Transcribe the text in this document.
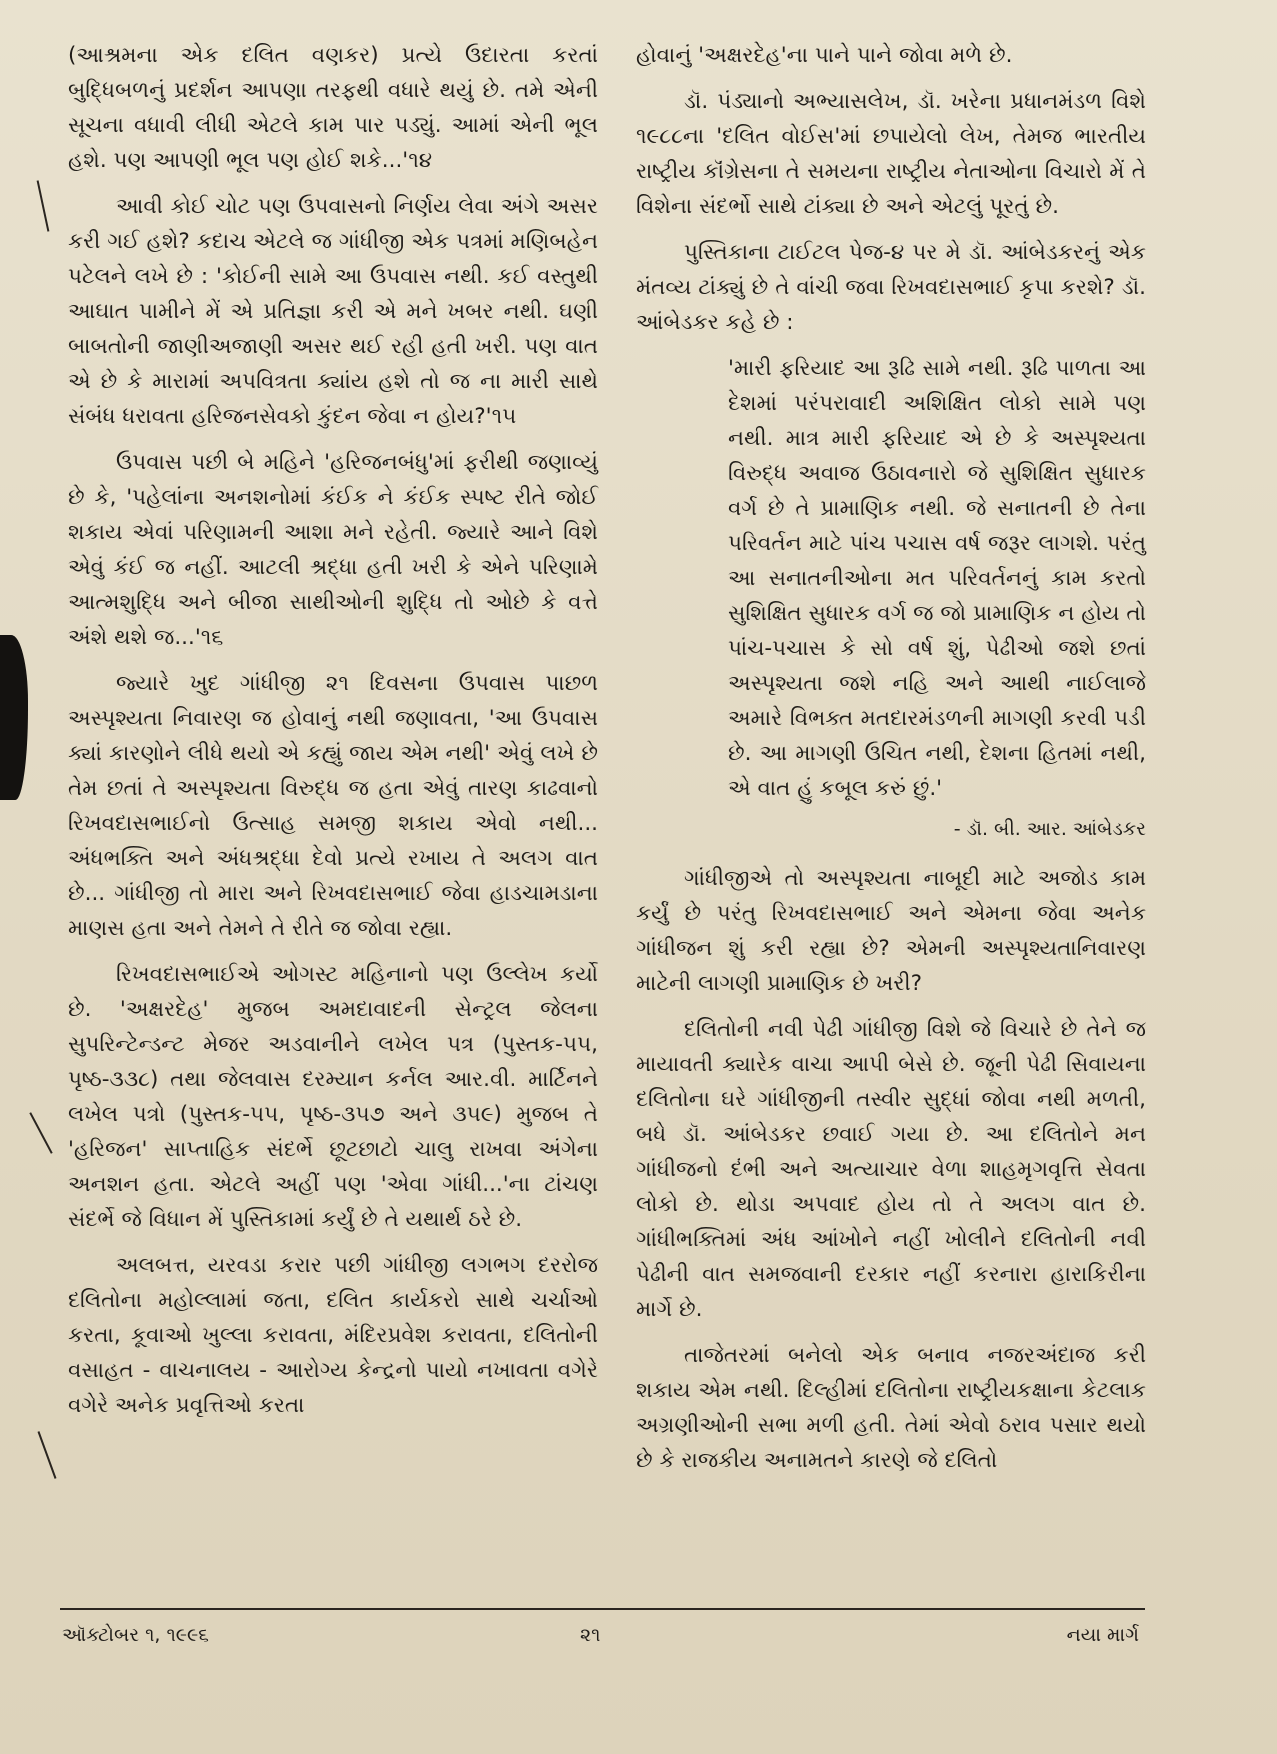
(આશ્રમના એક દલિત વણકર) પ્રત્યે ઉદારતા કરતાં બુદ્ધિબળનું પ્રદર્શન આપણા તરફથી વધારે થયું છે. તમે એની સૂચના વધાવી લીધી એટલે કામ પાર પડ્યું. આમાં એની ભૂલ હશે. પણ આપણી ભૂલ પણ હોઈ શકે...'૧૪

આવી કોઈ ચોટ પણ ઉપવાસનો નિર્ણય લેવા અંગે અસર કરી ગઈ હશે? કદાચ એટલે જ ગાંધીજી એક પત્રમાં મણિબહેન પટેલને લખે છે : 'કોઈની સામે આ ઉપવાસ નથી. કઈ વસ્તુથી આઘાત પામીને મેં એ પ્રતિજ્ઞા કરી એ મને ખબર નથી. ઘણી બાબતોની જાણીઅજાણી અસર થઈ રહી હતી ખરી. પણ વાત એ છે કે મારામાં અપવિત્રતા ક્યાંય હશે તો જ ના મારી સાથે સંબંધ ધરાવતા હરિજનસેવકો કુંદન જેવા ન હોય?'૧૫

ઉપવાસ પછી બે મહિને 'હરિજનબંધુ'માં ફરીથી જણાવ્યું છે કે, 'પહેલાંના અનશનોમાં કંઈક ને કંઈક સ્પષ્ટ રીતે જોઈ શકાય એવાં પરિણામની આશા મને રહેતી. જ્યારે આને વિશે એવું કંઈ જ નહીં. આટલી શ્રદ્ધા હતી ખરી કે એને પરિણામે આત્મશુદ્ધિ અને બીજા સાથીઓની શુદ્ધિ તો ઓછે કે વત્તે અંશે થશે જ...'૧૬

જ્યારે ખુદ ગાંધીજી ૨૧ દિવસના ઉપવાસ પાછળ અસ્પૃશ્યતા નિવારણ જ હોવાનું નથી જણાવતા, 'આ ઉપવાસ ક્યાં કારણોને લીધે થયો એ કહ્યું જાય એમ નથી' એવું લખે છે તેમ છતાં તે અસ્પૃશ્યતા વિરુદ્ધ જ હતા એવું તારણ કાઢવાનો રિખવદાસભાઈનો ઉત્સાહ સમજી શકાય એવો નથી... અંધભક્તિ અને અંધશ્રદ્ધા દેવો પ્રત્યે રખાય તે અલગ વાત છે... ગાંધીજી તો મારા અને રિખવદાસભાઈ જેવા હાડચામડાના માણસ હતા અને તેમને તે રીતે જ જોવા રહ્યા.

રિખવદાસભાઈએ ઓગસ્ટ મહિનાનો પણ ઉલ્લેખ કર્યો છે. 'અક્ષરદેહ' મુજબ અમદાવાદની સેન્ટ્રલ જેલના સુપરિન્ટેન્ડન્ટ મેજર અડવાનીને લખેલ પત્ર (પુસ્તક-૫૫, પૃષ્ઠ-૩૩૮) તથા જેલવાસ દરમ્યાન કર્નલ આર.વી. માર્ટિનને લખેલ પત્રો (પુસ્તક-૫૫, પૃષ્ઠ-૩૫૭ અને ૩૫૯) મુજબ તે 'હરિજન' સાપ્તાહિક સંદર્ભે છૂટછાટો ચાલુ રાખવા અંગેના અનશન હતા. એટલે અહીં પણ 'એવા ગાંધી...'ના ટાંચણ સંદર્ભે જે વિધાન મેં પુસ્તિકામાં કર્યું છે તે યથાર્થ ઠરે છે.

અલબત્ત, યરવડા કરાર પછી ગાંધીજી લગભગ દરરોજ દલિતોના મહોલ્લામાં જતા, દલિત કાર્યકરો સાથે ચર્ચાઓ કરતા, કૂવાઓ ખુલ્લા કરાવતા, મંદિરપ્રવેશ કરાવતા, દલિતોની વસાહત - વાચનાલય - આરોગ્ય કેન્દ્રનો પાયો નખાવતા વગેરે વગેરે અનેક પ્રવૃત્તિઓ કરતા

હોવાનું 'અક્ષરદેહ'ના પાને પાને જોવા મળે છે.

ડૉ. પંડ્યાનો અભ્યાસલેખ, ડૉ. ખરેના પ્રધાનમંડળ વિશે ૧૯૮૮ના 'દલિત વોઈસ'માં છપાયેલો લેખ, તેમજ ભારતીય રાષ્ટ્રીય કૉંગ્રેસના તે સમયના રાષ્ટ્રીય નેતાઓના વિચારો મેં તે વિશેના સંદર્ભો સાથે ટાંક્યા છે અને એટલું પૂરતું છે.

પુસ્તિકાના ટાઈટલ પેજ-૪ પર મે ડૉ. આંબેડકરનું એક મંતવ્ય ટાંક્યું છે તે વાંચી જવા રિખવદાસભાઈ કૃપા કરશે? ડૉ. આંબેડકર કહે છે :

'મારી ફરિયાદ આ રૂઢિ સામે નથી. રૂઢિ પાળતા આ દેશમાં પરંપરાવાદી અશિક્ષિત લોકો સામે પણ નથી. માત્ર મારી ફરિયાદ એ છે કે અસ્પૃશ્યતા વિરુદ્ધ અવાજ ઉઠાવનારો જે સુશિક્ષિત સુધારક વર્ગ છે તે પ્રામાણિક નથી. જે સનાતની છે તેના પરિવર્તન માટે પાંચ પચાસ વર્ષ જરૂર લાગશે. પરંતુ આ સનાતનીઓના મત પરિવર્તનનું કામ કરતો સુશિક્ષિત સુધારક વર્ગ જ જો પ્રામાણિક ન હોય તો પાંચ-પચાસ કે સો વર્ષ શું, પેઢીઓ જશે છતાં અસ્પૃશ્યતા જશે નહિ અને આથી નાઈલાજે અમારે વિભક્ત મતદારમંડળની માગણી કરવી પડી છે. આ માગણી ઉચિત નથી, દેશના હિતમાં નથી, એ વાત હું કબૂલ કરું છું.'

- ડૉ. બી. આર. આંબેડકર

ગાંધીજીએ તો અસ્પૃશ્યતા નાબૂદી માટે અજોડ કામ કર્યું છે પરંતુ રિખવદાસભાઈ અને એમના જેવા અનેક ગાંધીજન શું કરી રહ્યા છે? એમની અસ્પૃશ્યતાનિવારણ માટેની લાગણી પ્રામાણિક છે ખરી?

દલિતોની નવી પેઢી ગાંધીજી વિશે જે વિચારે છે તેને જ માયાવતી ક્યારેક વાચા આપી બેસે છે. જૂની પેઢી સિવાયના દલિતોના ઘરે ગાંધીજીની તસ્વીર સુદ્ધાં જોવા નથી મળતી, બધે ડૉ. આંબેડકર છવાઈ ગયા છે. આ દલિતોને મન ગાંધીજનો દંભી અને અત્યાચાર વેળા શાહમૃગવૃત્તિ સેવતા લોકો છે. થોડા અપવાદ હોય તો તે અલગ વાત છે. ગાંધીભક્તિમાં અંધ આંખોને નહીં ખોલીને દલિતોની નવી પેઢીની વાત સમજવાની દરકાર નહીં કરનારા હારાકિરીના માર્ગે છે.

તાજેતરમાં બનેલો એક બનાવ નજરઅંદાજ કરી શકાય એમ નથી. દિલ્હીમાં દલિતોના રાષ્ટ્રીયકક્ષાના કેટલાક અગ્રણીઓની સભા મળી હતી. તેમાં એવો ઠરાવ પસાર થયો છે કે રાજકીય અનામતને કારણે જે દલિતો

ઑક્ટોબર ૧, ૧૯૯૬	૨૧	નયા માર્ગ
